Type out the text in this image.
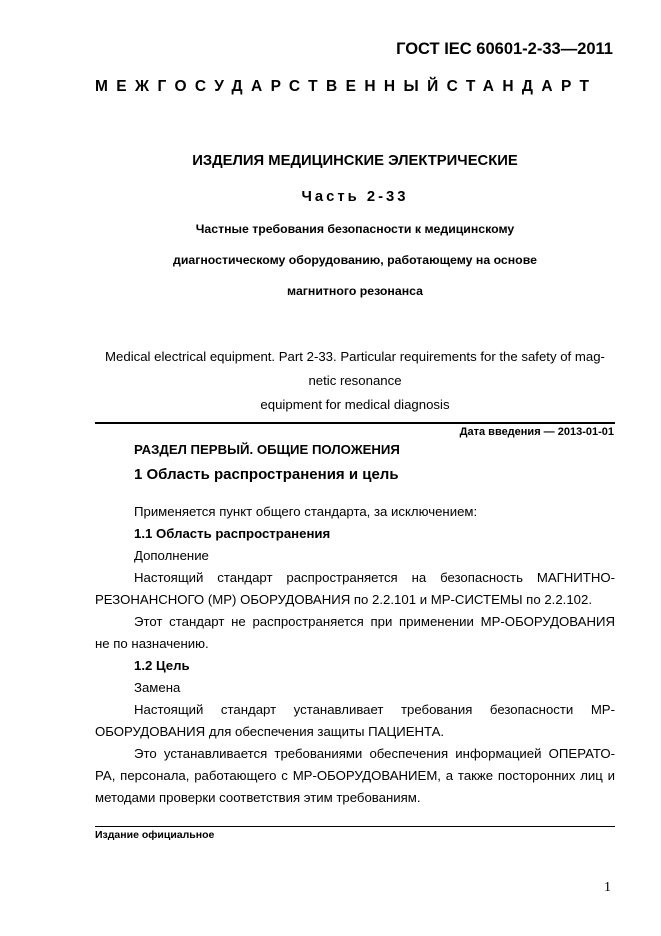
ГОСТ IEC 60601-2-33—2011
МЕЖГОСУДАРСТВЕННЫЙ СТАНДАРТ
ИЗДЕЛИЯ МЕДИЦИНСКИЕ ЭЛЕКТРИЧЕСКИЕ
Часть 2-33
Частные требования безопасности к медицинскому
диагностическому оборудованию, работающему на основе
магнитного резонанса
Medical electrical equipment. Part 2-33. Particular requirements for the safety of mag-
netic resonance
equipment for medical diagnosis
Дата введения — 2013-01-01
РАЗДЕЛ ПЕРВЫЙ. ОБЩИЕ ПОЛОЖЕНИЯ
1 Область распространения и цель
Применяется пункт общего стандарта, за исключением:
1.1 Область распространения
Дополнение
Настоящий стандарт распространяется на безопасность МАГНИТНО-
РЕЗОНАНСНОГО (МР) ОБОРУДОВАНИЯ по 2.2.101 и МР-СИСТЕМЫ по 2.2.102.
Этот стандарт не распространяется при применении МР-ОБОРУДОВАНИЯ
не по назначению.
1.2 Цель
Замена
Настоящий стандарт устанавливает требования безопасности МР-
ОБОРУДОВАНИЯ для обеспечения защиты ПАЦИЕНТА.
Это устанавливается требованиями обеспечения информацией ОПЕРАТО-
РА, персонала, работающего с МР-ОБОРУДОВАНИЕМ, а также посторонних лиц и
методами проверки соответствия этим требованиям.
Издание официальное
1
